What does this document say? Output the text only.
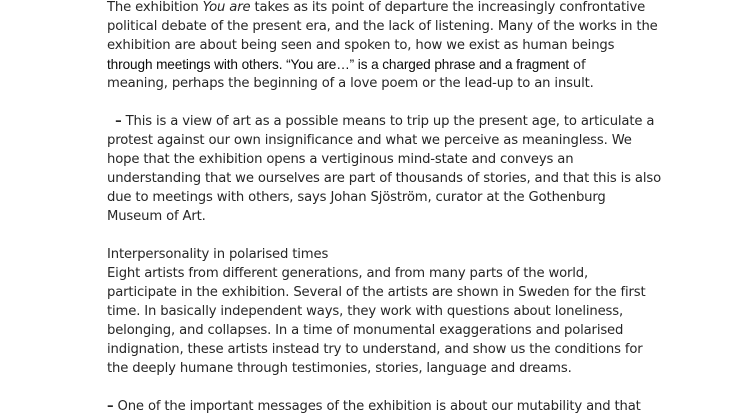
The exhibition You are takes as its point of departure the increasingly confrontative
political debate of the present era, and the lack of listening. Many of the works in the
exhibition are about being seen and spoken to, how we exist as human beings
through meetings with others. “You are…” is a charged phrase and a fragment of
meaning, perhaps the beginning of a love poem or the lead-up to an insult.
– This is a view of art as a possible means to trip up the present age, to articulate a
protest against our own insignificance and what we perceive as meaningless. We
hope that the exhibition opens a vertiginous mind-state and conveys an
understanding that we ourselves are part of thousands of stories, and that this is also
due to meetings with others, says Johan Sjöström, curator at the Gothenburg
Museum of Art.
Interpersonality in polarised times
Eight artists from different generations, and from many parts of the world,
participate in the exhibition. Several of the artists are shown in Sweden for the first
time. In basically independent ways, they work with questions about loneliness,
belonging, and collapses. In a time of monumental exaggerations and polarised
indignation, these artists instead try to understand, and show us the conditions for
the deeply humane through testimonies, stories, language and dreams.
– One of the important messages of the exhibition is about our mutability and that
